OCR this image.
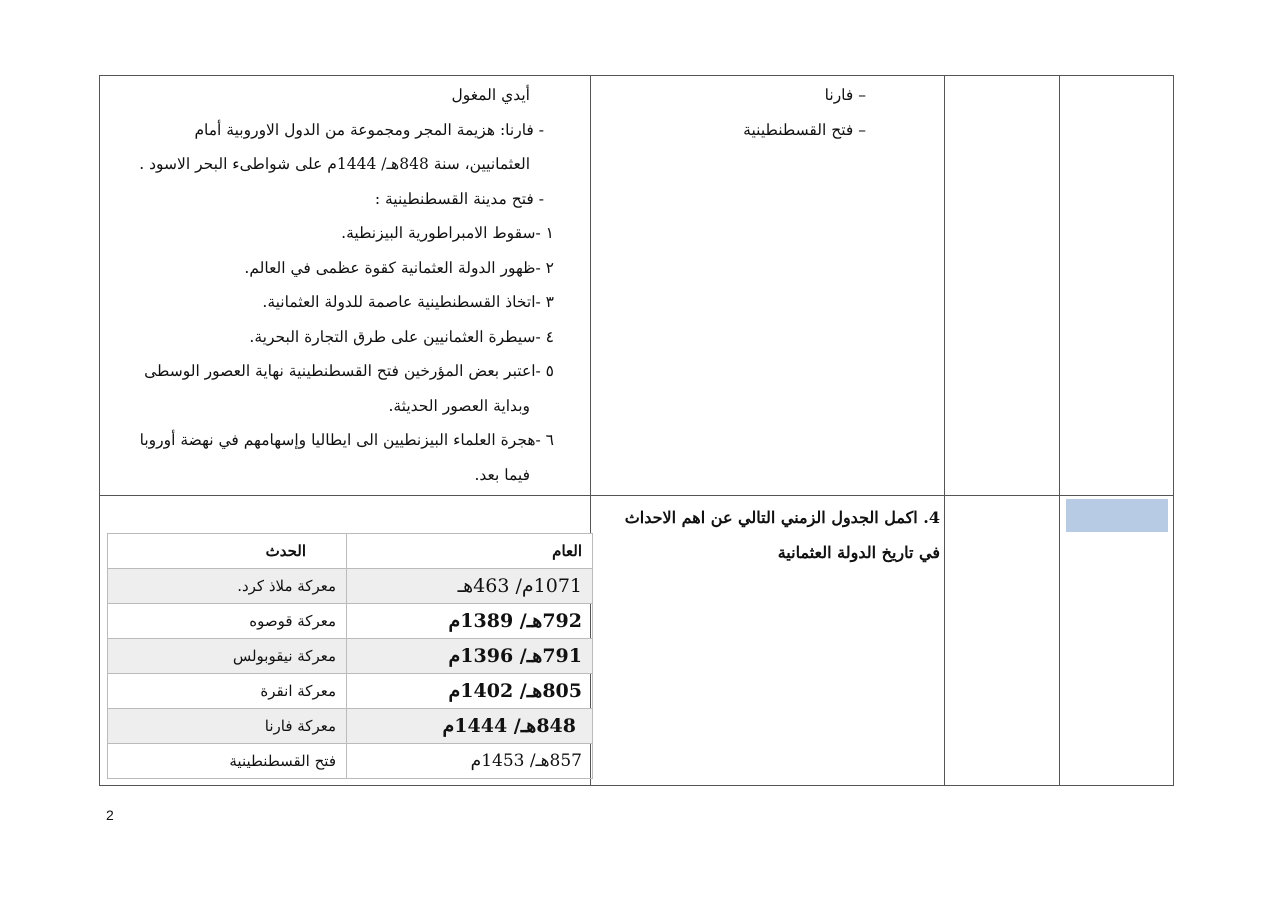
– فارنا

– فتح القسطنطينية

أيدي المغول

- فارنا: هزيمة المجر ومجموعة من الدول الاوروبية أمام

العثمانيين، سنة 848هـ/ 1444م على شواطىء البحر الاسود .

- فتح مدينة القسطنطينية :

١ -سقوط الامبراطورية البيزنطية.

٢ -ظهور الدولة العثمانية كقوة عظمى في العالم.

٣ -اتخاذ القسطنطينية عاصمة للدولة العثمانية.

٤ -سيطرة العثمانيين على طرق التجارة البحرية.

٥ -اعتبر بعض المؤرخين فتح القسطنطينية نهاية العصور الوسطى

وبداية العصور الحديثة.

٦ -هجرة العلماء البيزنطيين الى ايطاليا وإسهامهم في نهضة أوروبا

فيما بعد.

4. اكمل الجدول الزمني التالي عن اهم الاحداث
في تاريخ الدولة العثمانية
العام	الحدث
1071م/ 463هـ	معركة ملاذ كرد.
792هـ/ 1389م	معركة قوصوه
791هـ/ 1396م	معركة نيقوبولس
805هـ/ 1402م	معركة انقرة
848هـ/ 1444م	معركة فارنا
857هـ/ 1453م	فتح القسطنطينية
2
